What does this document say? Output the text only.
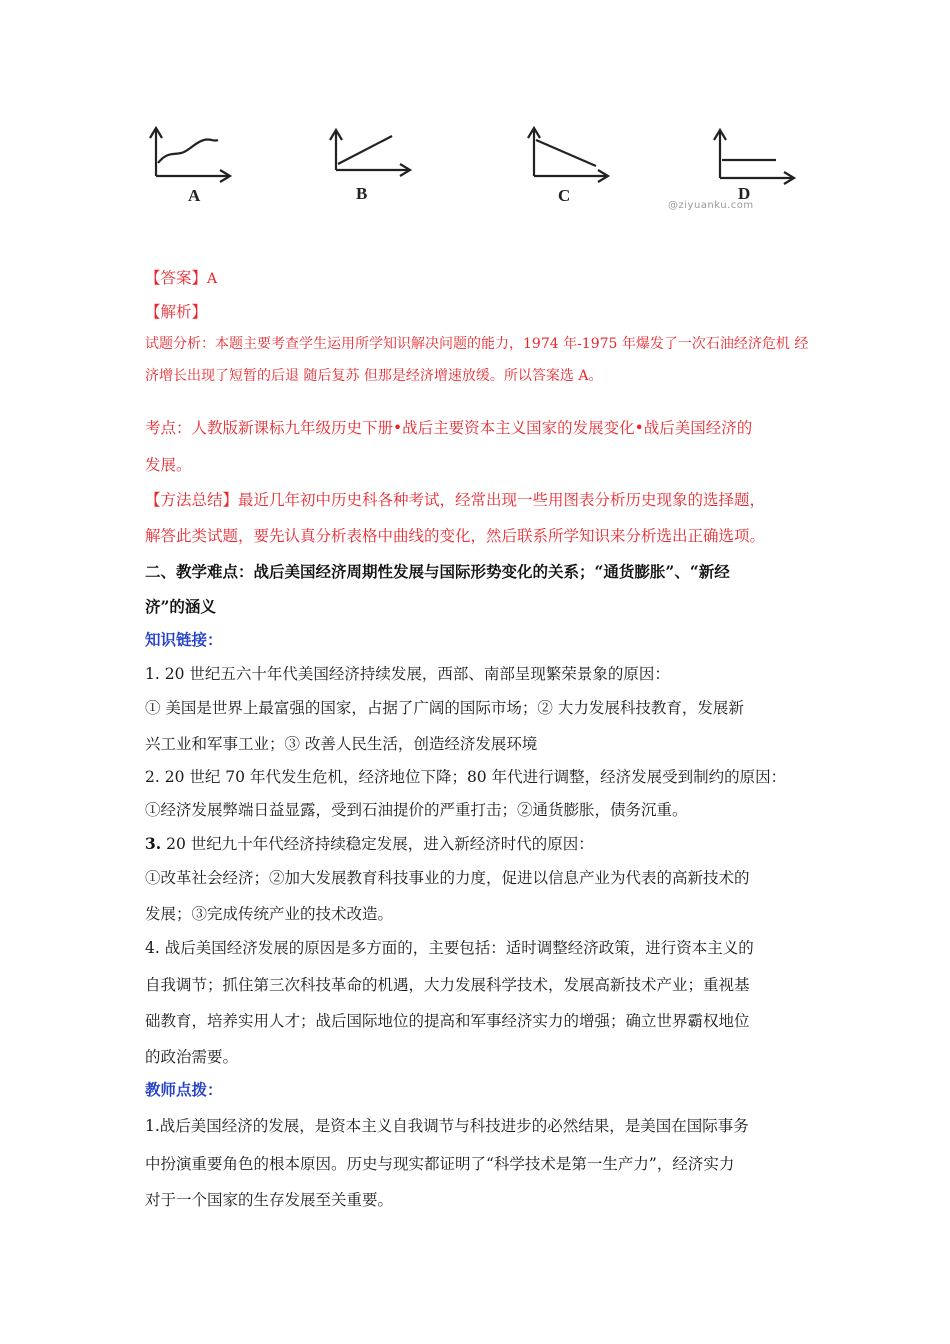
A	B	C	D
@ziyuanku.com
【答案】A
【解析】
试题分析：本题主要考查学生运用所学知识解决问题的能力，1974 年-1975 年爆发了一次石油经济危机 经
济增长出现了短暂的后退 随后复苏 但那是经济增速放缓。所以答案选 A。
考点：人教版新课标九年级历史下册•战后主要资本主义国家的发展变化•战后美国经济的
发展。
【方法总结】最近几年初中历史科各种考试，经常出现一些用图表分析历史现象的选择题，
解答此类试题，要先认真分析表格中曲线的变化，然后联系所学知识来分析选出正确选项。
二、教学难点：战后美国经济周期性发展与国际形势变化的关系；“通货膨胀”、“新经
济”的涵义
知识链接：
1. 20 世纪五六十年代美国经济持续发展，西部、南部呈现繁荣景象的原因：
① 美国是世界上最富强的国家，占据了广阔的国际市场；② 大力发展科技教育，发展新
兴工业和军事工业；③ 改善人民生活，创造经济发展环境
2. 20 世纪 70 年代发生危机，经济地位下降；80 年代进行调整，经济发展受到制约的原因：
①经济发展弊端日益显露，受到石油提价的严重打击；②通货膨胀，债务沉重。
3. 20 世纪九十年代经济持续稳定发展，进入新经济时代的原因：
①改革社会经济；②加大发展教育科技事业的力度，促进以信息产业为代表的高新技术的
发展；③完成传统产业的技术改造。
4. 战后美国经济发展的原因是多方面的，主要包括：适时调整经济政策，进行资本主义的
自我调节；抓住第三次科技革命的机遇，大力发展科学技术，发展高新技术产业；重视基
础教育，培养实用人才；战后国际地位的提高和军事经济实力的增强；确立世界霸权地位
的政治需要。
教师点拨：
1.战后美国经济的发展，是资本主义自我调节与科技进步的必然结果，是美国在国际事务
中扮演重要角色的根本原因。历史与现实都证明了“科学技术是第一生产力”，经济实力
对于一个国家的生存发展至关重要。
